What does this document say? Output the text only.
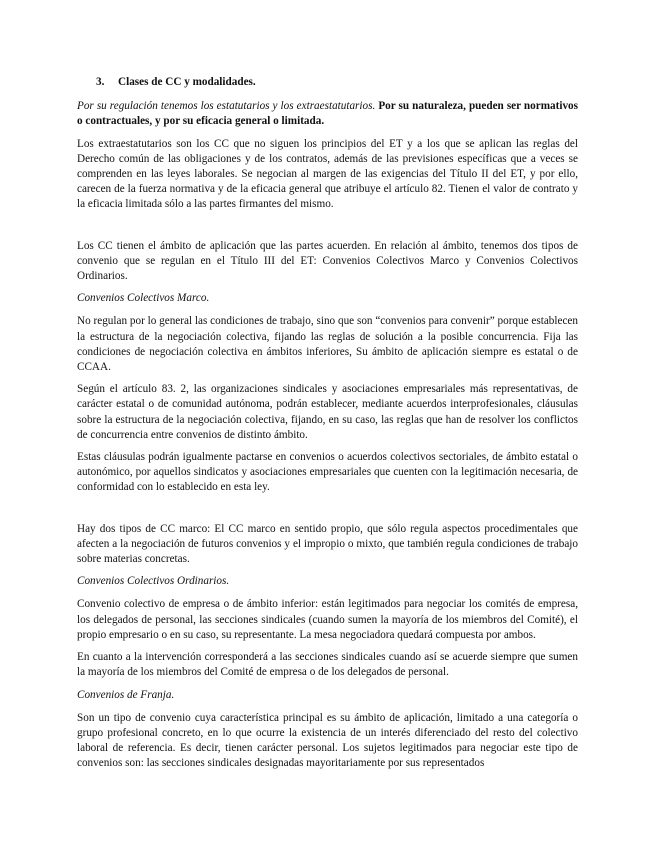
3. Clases de CC y modalidades.

Por su regulación tenemos los estatutarios y los extraestatutarios. Por su naturaleza, pueden ser normativos o contractuales, y por su eficacia general o limitada.

Los extraestatutarios son los CC que no siguen los principios del ET y a los que se aplican las reglas del Derecho común de las obligaciones y de los contratos, además de las previsiones específicas que a veces se comprenden en las leyes laborales. Se negocian al margen de las exigencias del Título II del ET, y por ello, carecen de la fuerza normativa y de la eficacia general que atribuye el artículo 82. Tienen el valor de contrato y la eficacia limitada sólo a las partes firmantes del mismo.

Los CC tienen el ámbito de aplicación que las partes acuerden. En relación al ámbito, tenemos dos tipos de convenio que se regulan en el Título III del ET: Convenios Colectivos Marco y Convenios Colectivos Ordinarios.

Convenios Colectivos Marco.

No regulan por lo general las condiciones de trabajo, sino que son “convenios para convenir” porque establecen la estructura de la negociación colectiva, fijando las reglas de solución a la posible concurrencia. Fija las condiciones de negociación colectiva en ámbitos inferiores, Su ámbito de aplicación siempre es estatal o de CCAA.

Según el artículo 83. 2, las organizaciones sindicales y asociaciones empresariales más representativas, de carácter estatal o de comunidad autónoma, podrán establecer, mediante acuerdos interprofesionales, cláusulas sobre la estructura de la negociación colectiva, fijando, en su caso, las reglas que han de resolver los conflictos de concurrencia entre convenios de distinto ámbito.

Estas cláusulas podrán igualmente pactarse en convenios o acuerdos colectivos sectoriales, de ámbito estatal o autonómico, por aquellos sindicatos y asociaciones empresariales que cuenten con la legitimación necesaria, de conformidad con lo establecido en esta ley.

Hay dos tipos de CC marco: El CC marco en sentido propio, que sólo regula aspectos procedimentales que afecten a la negociación de futuros convenios y el impropio o mixto, que también regula condiciones de trabajo sobre materias concretas.

Convenios Colectivos Ordinarios.

Convenio colectivo de empresa o de ámbito inferior: están legitimados para negociar los comités de empresa, los delegados de personal, las secciones sindicales (cuando sumen la mayoría de los miembros del Comité), el propio empresario o en su caso, su representante. La mesa negociadora quedará compuesta por ambos.

En cuanto a la intervención corresponderá a las secciones sindicales cuando así se acuerde siempre que sumen la mayoría de los miembros del Comité de empresa o de los delegados de personal.

Convenios de Franja.

Son un tipo de convenio cuya característica principal es su ámbito de aplicación, limitado a una categoría o grupo profesional concreto, en lo que ocurre la existencia de un interés diferenciado del resto del colectivo laboral de referencia. Es decir, tienen carácter personal. Los sujetos legitimados para negociar este tipo de convenios son: las secciones sindicales designadas mayoritariamente por sus representados
